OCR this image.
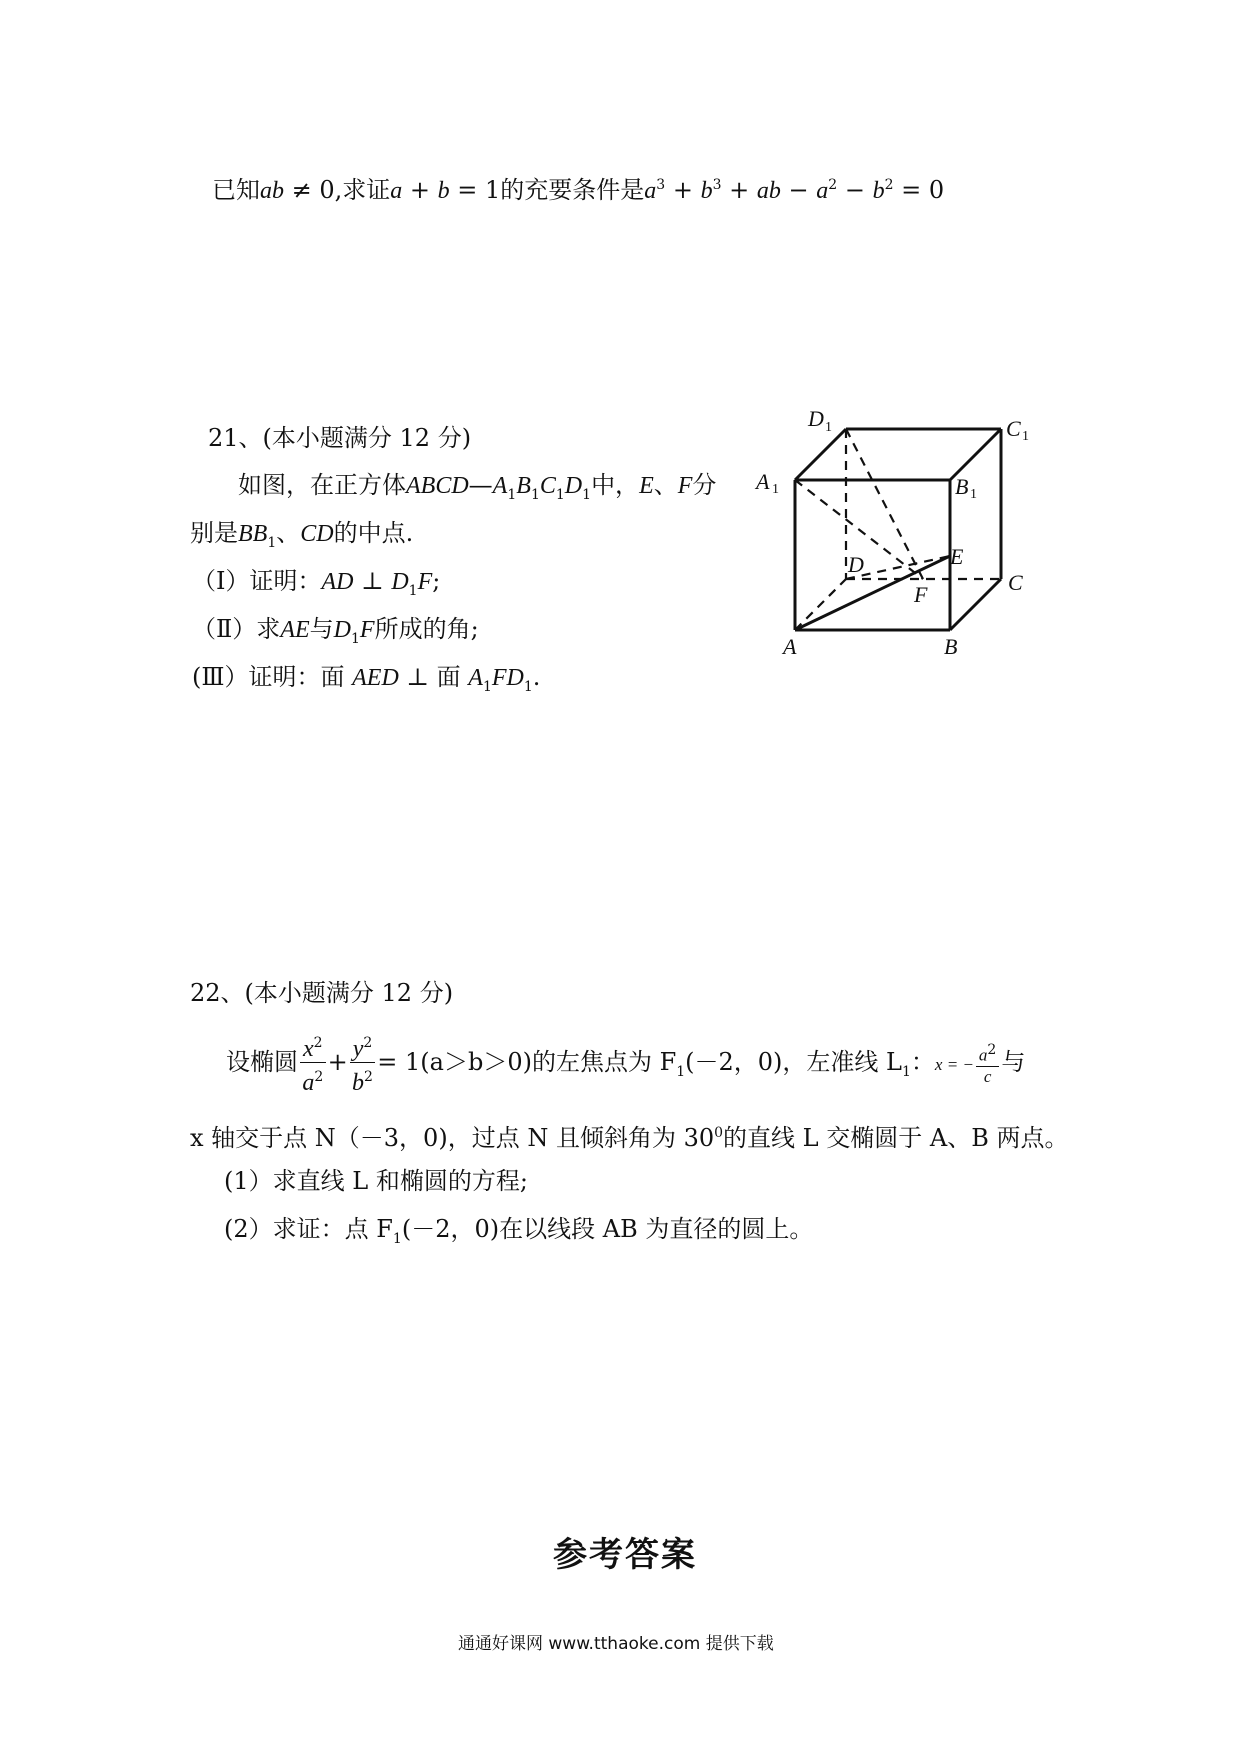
已知ab ≠ 0,求证a + b = 1的充要条件是$a^3 + b^3$ + ab − $a^2 - b^2 = 0$
21、(本小题满分 12 分)
如图，在正方体$ABCD—A_1B_1C_1D_1$中，E、F分
别是$BB_1$、CD的中点.
（Ⅰ）证明：AD ⊥ $D_1F$;
（Ⅱ）求AE与$D_1F$所成的角;
(Ⅲ）证明：面 AED ⊥ 面 $A_1FD_1$.
D 1	C 1
A 1	B 1
D	E
F	C
A	B
22、(本小题满分 12 分)
设椭圆 $\frac{x^2}{a^2} + \frac{y^2}{b^2} = 1(a>b>0)$的左焦点为 $F_1(-2$，0)，左准线 $L_1$：x = − $\frac{a^2}{c}$ 与
x 轴交于点 N（－3，0)，过点 N 且倾斜角为 $30^0$的直线 L 交椭圆于 A、B 两点。
(1）求直线 L 和椭圆的方程;
(2）求证：点 $F_1(-2$，0)在以线段 AB 为直径的圆上。
参考答案
通通好课网 www.tthaoke.com 提供下载
